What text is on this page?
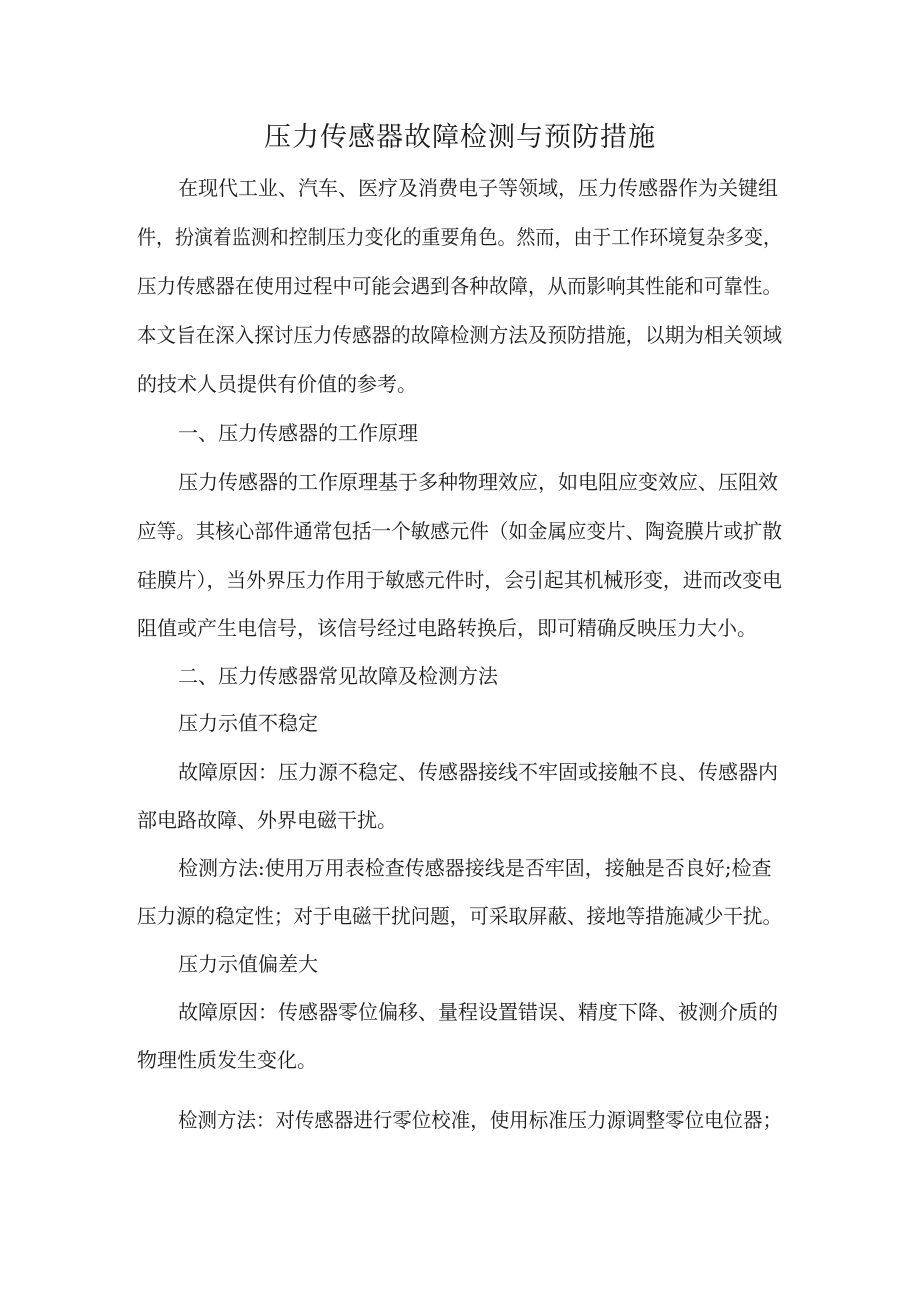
压力传感器故障检测与预防措施

在现代工业、汽车、医疗及消费电子等领域，压力传感器作为关键组

件，扮演着监测和控制压力变化的重要角色。然而，由于工作环境复杂多变，

压力传感器在使用过程中可能会遇到各种故障，从而影响其性能和可靠性。

本文旨在深入探讨压力传感器的故障检测方法及预防措施，以期为相关领域

的技术人员提供有价值的参考。

一、压力传感器的工作原理

压力传感器的工作原理基于多种物理效应，如电阻应变效应、压阻效

应等。其核心部件通常包括一个敏感元件（如金属应变片、陶瓷膜片或扩散

硅膜片），当外界压力作用于敏感元件时，会引起其机械形变，进而改变电

阻值或产生电信号，该信号经过电路转换后，即可精确反映压力大小。

二、压力传感器常见故障及检测方法

压力示值不稳定

故障原因：压力源不稳定、传感器接线不牢固或接触不良、传感器内

部电路故障、外界电磁干扰。

检测方法:使用万用表检查传感器接线是否牢固，接触是否良好;检查

压力源的稳定性；对于电磁干扰问题，可采取屏蔽、接地等措施减少干扰。

压力示值偏差大

故障原因：传感器零位偏移、量程设置错误、精度下降、被测介质的

物理性质发生变化。

检测方法：对传感器进行零位校准，使用标准压力源调整零位电位器；
